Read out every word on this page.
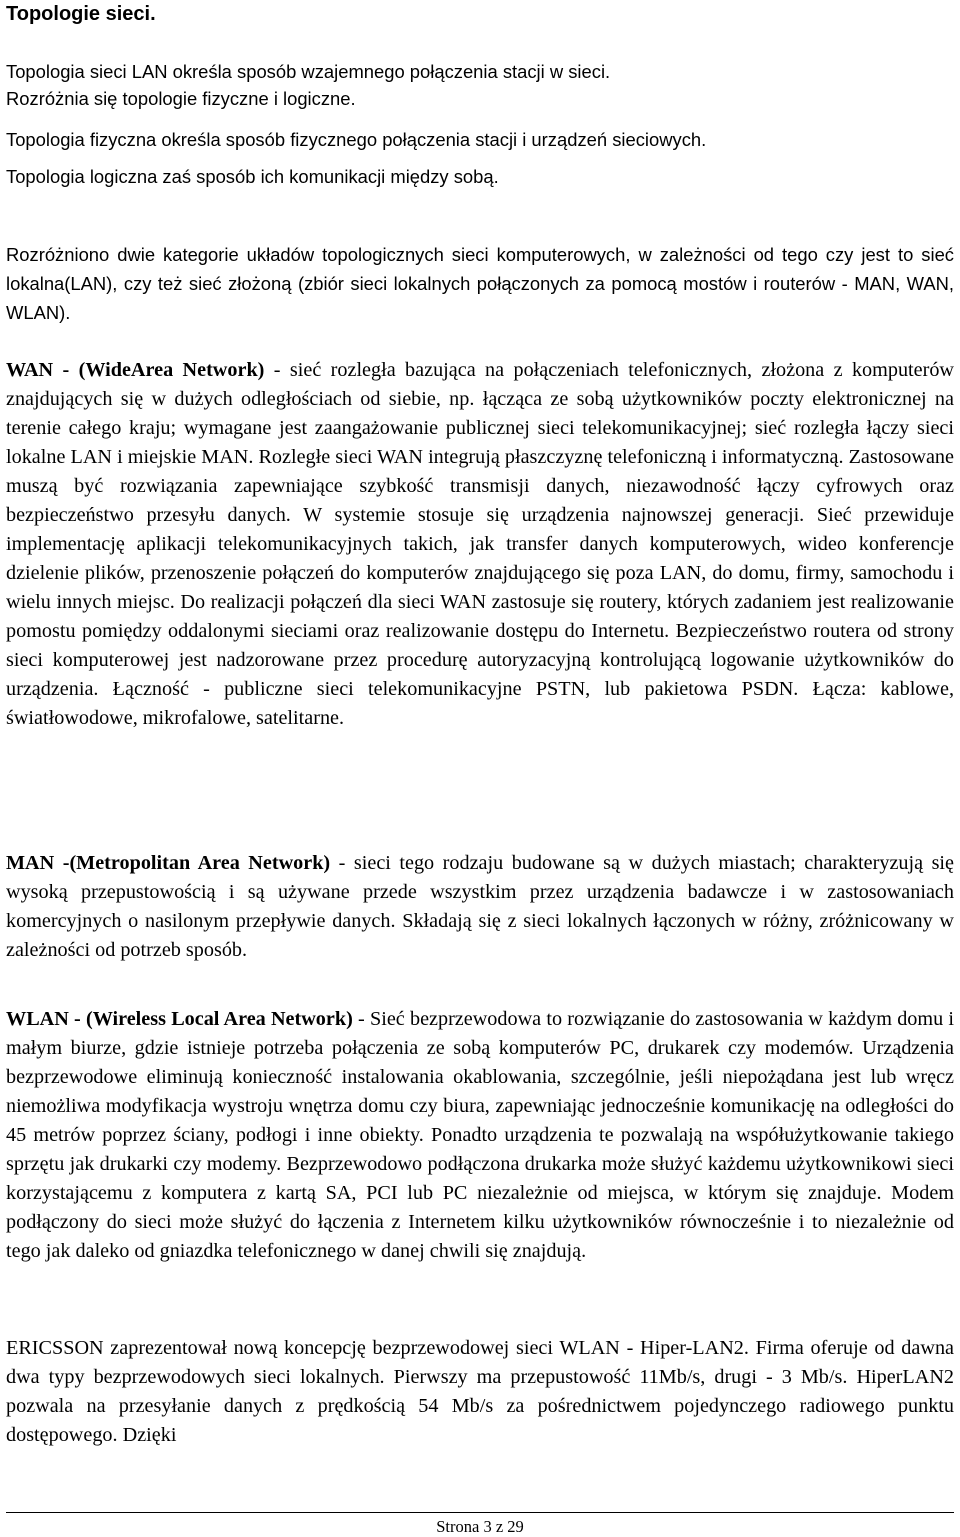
Topologie sieci.

Topologia sieci LAN określa sposób wzajemnego połączenia stacji w sieci.

Rozróżnia się topologie fizyczne i logiczne.

Topologia fizyczna określa sposób fizycznego połączenia stacji i urządzeń sieciowych.

Topologia logiczna zaś sposób ich komunikacji między sobą.

Rozróżniono dwie kategorie układów topologicznych sieci komputerowych, w zależności od tego czy jest to sieć lokalna(LAN), czy też sieć złożoną (zbiór sieci lokalnych połączonych za pomocą mostów i routerów - MAN, WAN, WLAN).

WAN - (WideArea Network) - sieć rozległa bazująca na połączeniach telefonicznych, złożona z komputerów znajdujących się w dużych odległościach od siebie, np. łącząca ze sobą użytkowników poczty elektronicznej na terenie całego kraju; wymagane jest zaangażowanie publicznej sieci telekomunikacyjnej; sieć rozległa łączy sieci lokalne LAN i miejskie MAN. Rozległe sieci WAN integrują płaszczyznę telefoniczną i informatyczną. Zastosowane muszą być rozwiązania zapewniające szybkość transmisji danych, niezawodność łączy cyfrowych oraz bezpieczeństwo przesyłu danych. W systemie stosuje się urządzenia najnowszej generacji. Sieć przewiduje implementację aplikacji telekomunikacyjnych takich, jak transfer danych komputerowych, wideo konferencje dzielenie plików, przenoszenie połączeń do komputerów znajdującego się poza LAN, do domu, firmy, samochodu i wielu innych miejsc. Do realizacji połączeń dla sieci WAN zastosuje się routery, których zadaniem jest realizowanie pomostu pomiędzy oddalonymi sieciami oraz realizowanie dostępu do Internetu. Bezpieczeństwo routera od strony sieci komputerowej jest nadzorowane przez procedurę autoryzacyjną kontrolującą logowanie użytkowników do urządzenia. Łączność - publiczne sieci telekomunikacyjne PSTN, lub pakietowa PSDN. Łącza: kablowe, światłowodowe, mikrofalowe, satelitarne.

MAN -(Metropolitan Area Network) - sieci tego rodzaju budowane są w dużych miastach; charakteryzują się wysoką przepustowością i są używane przede wszystkim przez urządzenia badawcze i w zastosowaniach komercyjnych o nasilonym przepływie danych. Składają się z sieci lokalnych łączonych w różny, zróżnicowany w zależności od potrzeb sposób.

WLAN - (Wireless Local Area Network) - Sieć bezprzewodowa to rozwiązanie do zastosowania w każdym domu i małym biurze, gdzie istnieje potrzeba połączenia ze sobą komputerów PC, drukarek czy modemów. Urządzenia bezprzewodowe eliminują konieczność instalowania okablowania, szczególnie, jeśli niepożądana jest lub wręcz niemożliwa modyfikacja wystroju wnętrza domu czy biura, zapewniając jednocześnie komunikację na odległości do 45 metrów poprzez ściany, podłogi i inne obiekty. Ponadto urządzenia te pozwalają na współużytkowanie takiego sprzętu jak drukarki czy modemy. Bezprzewodowo podłączona drukarka może służyć każdemu użytkownikowi sieci korzystającemu z komputera z kartą SA, PCI lub PC niezależnie od miejsca, w którym się znajduje. Modem podłączony do sieci może służyć do łączenia z Internetem kilku użytkowników równocześnie i to niezależnie od tego jak daleko od gniazdka telefonicznego w danej chwili się znajdują.

ERICSSON zaprezentował nową koncepcję bezprzewodowej sieci WLAN - Hiper-LAN2. Firma oferuje od dawna dwa typy bezprzewodowych sieci lokalnych. Pierwszy ma przepustowość 11Mb/s, drugi - 3 Mb/s. HiperLAN2 pozwala na przesyłanie danych z prędkością 54 Mb/s za pośrednictwem pojedynczego radiowego punktu dostępowego. Dzięki

Strona 3 z 29
